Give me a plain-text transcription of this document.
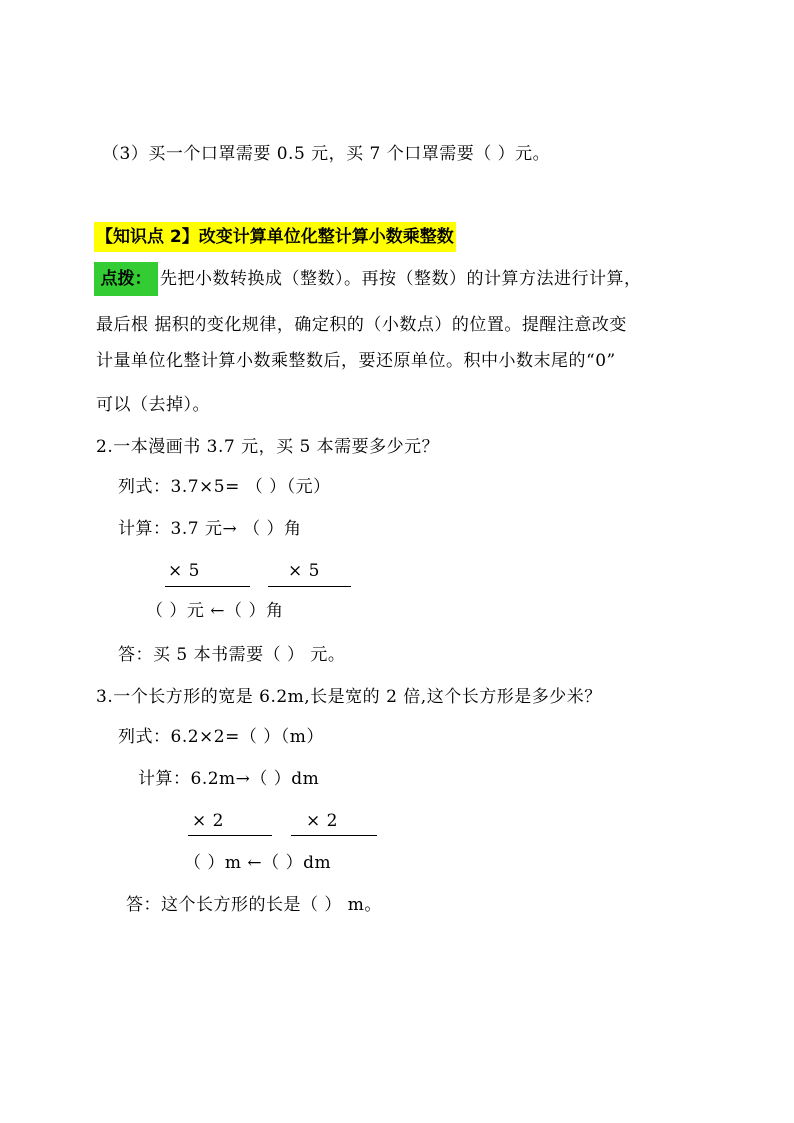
（3）买一个口罩需要 0.5 元，买 7 个口罩需要（ ）元。
【知识点 2】改变计算单位化整计算小数乘整数
点拨： 先把小数转换成（整数）。再按（整数）的计算方法进行计算，
最后根 据积的变化规律，确定积的（小数点）的位置。提醒注意改变
计量单位化整计算小数乘整数后，要还原单位。积中小数末尾的“0”
可以（去掉）。
2.一本漫画书 3.7 元，买 5 本需要多少元？
列式：3.7×5= （ ）（元）
计算：3.7 元→ （ ）角
× 5	× 5
（ ）元 ←（ ）角
答：买 5 本书需要（ ） 元。
3.一个长方形的宽是 6.2m,长是宽的 2 倍,这个长方形是多少米？
列式：6.2×2=（ ）（m）
计算：6.2m→（ ）dm
× 2	× 2
（ ）m ←（ ）dm
答：这个长方形的长是（ ） m。
